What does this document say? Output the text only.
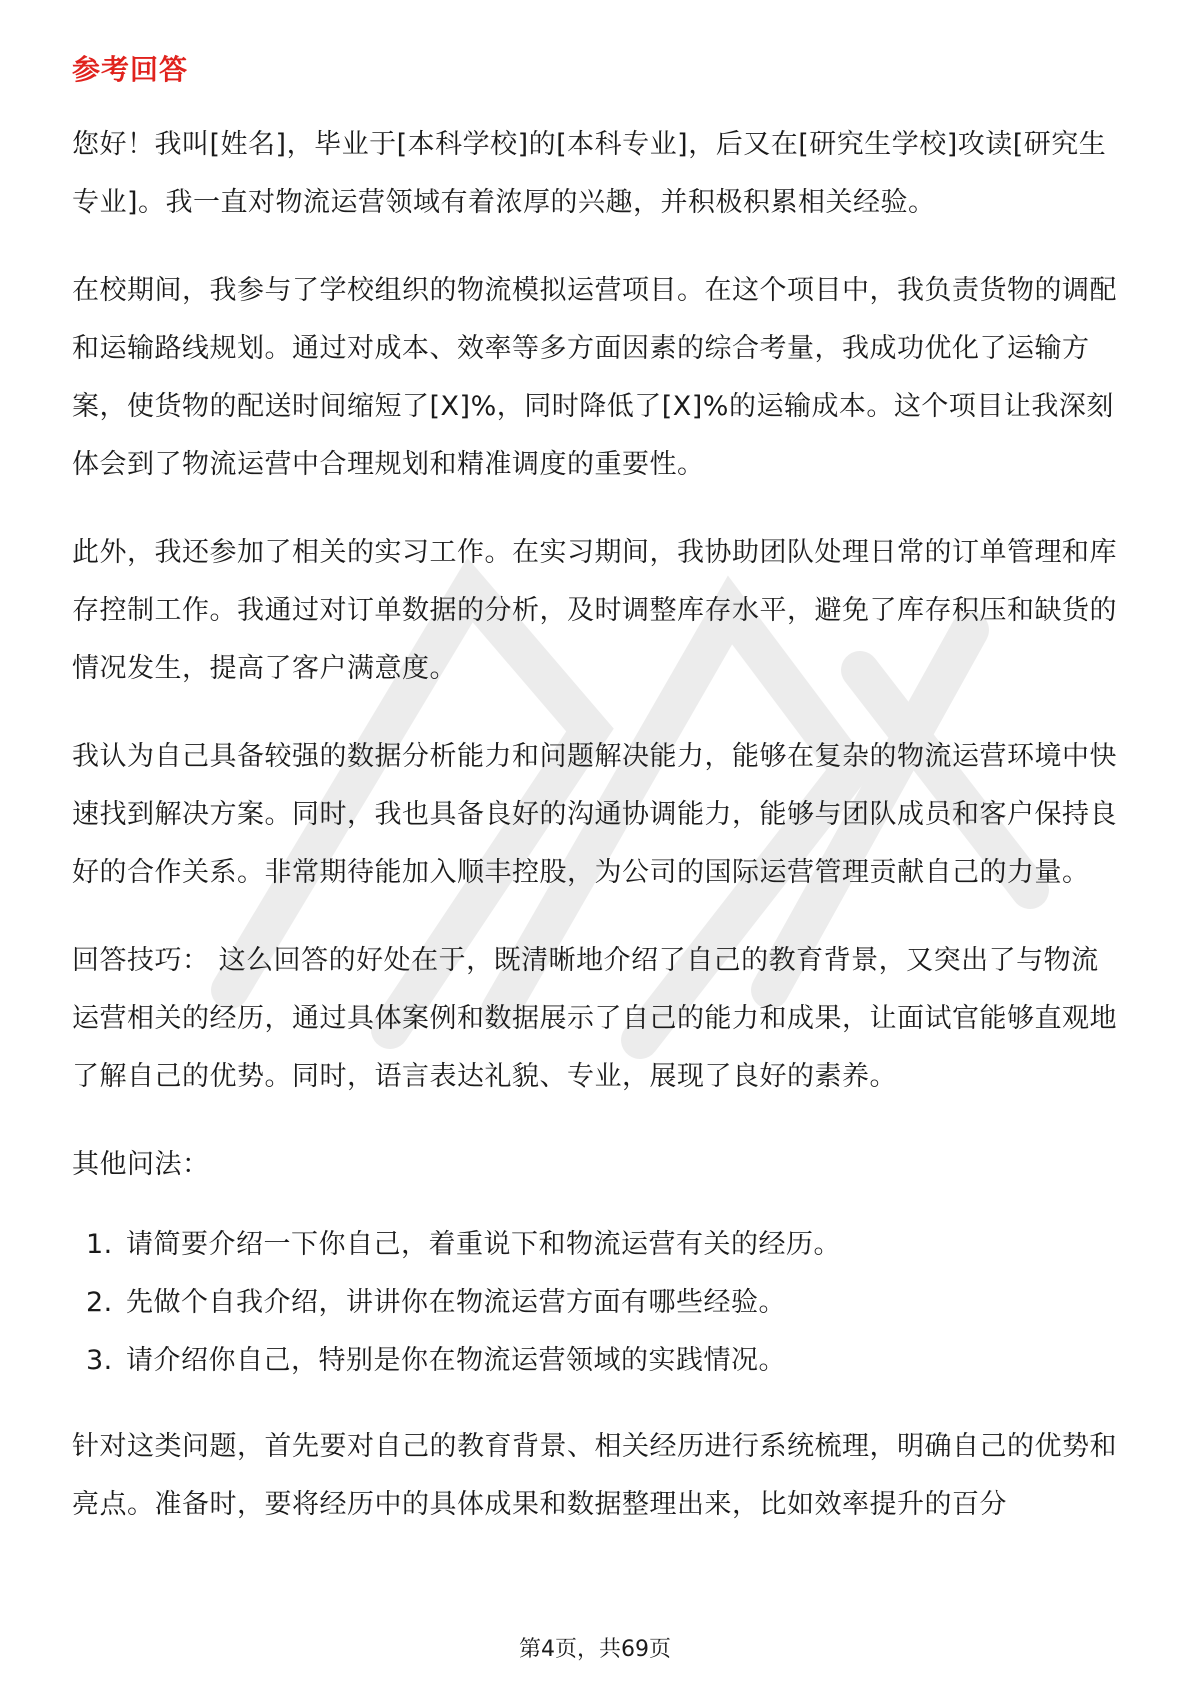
参考回答

您好！我叫[姓名]，毕业于[本科学校]的[本科专业]，后又在[研究生学校]攻读[研究生专业]。我一直对物流运营领域有着浓厚的兴趣，并积极积累相关经验。

在校期间，我参与了学校组织的物流模拟运营项目。在这个项目中，我负责货物的调配和运输路线规划。通过对成本、效率等多方面因素的综合考量，我成功优化了运输方案，使货物的配送时间缩短了[X]%，同时降低了[X]%的运输成本。这个项目让我深刻体会到了物流运营中合理规划和精准调度的重要性。

此外，我还参加了相关的实习工作。在实习期间，我协助团队处理日常的订单管理和库存控制工作。我通过对订单数据的分析，及时调整库存水平，避免了库存积压和缺货的情况发生，提高了客户满意度。

我认为自己具备较强的数据分析能力和问题解决能力，能够在复杂的物流运营环境中快速找到解决方案。同时，我也具备良好的沟通协调能力，能够与团队成员和客户保持良好的合作关系。非常期待能加入顺丰控股，为公司的国际运营管理贡献自己的力量。

回答技巧： 这么回答的好处在于，既清晰地介绍了自己的教育背景，又突出了与物流运营相关的经历，通过具体案例和数据展示了自己的能力和成果，让面试官能够直观地了解自己的优势。同时，语言表达礼貌、专业，展现了良好的素养。

其他问法：

1. 请简要介绍一下你自己，着重说下和物流运营有关的经历。
2. 先做个自我介绍，讲讲你在物流运营方面有哪些经验。
3. 请介绍你自己，特别是你在物流运营领域的实践情况。

针对这类问题，首先要对自己的教育背景、相关经历进行系统梳理，明确自己的优势和亮点。准备时，要将经历中的具体成果和数据整理出来，比如效率提升的百分

第4页，共69页
